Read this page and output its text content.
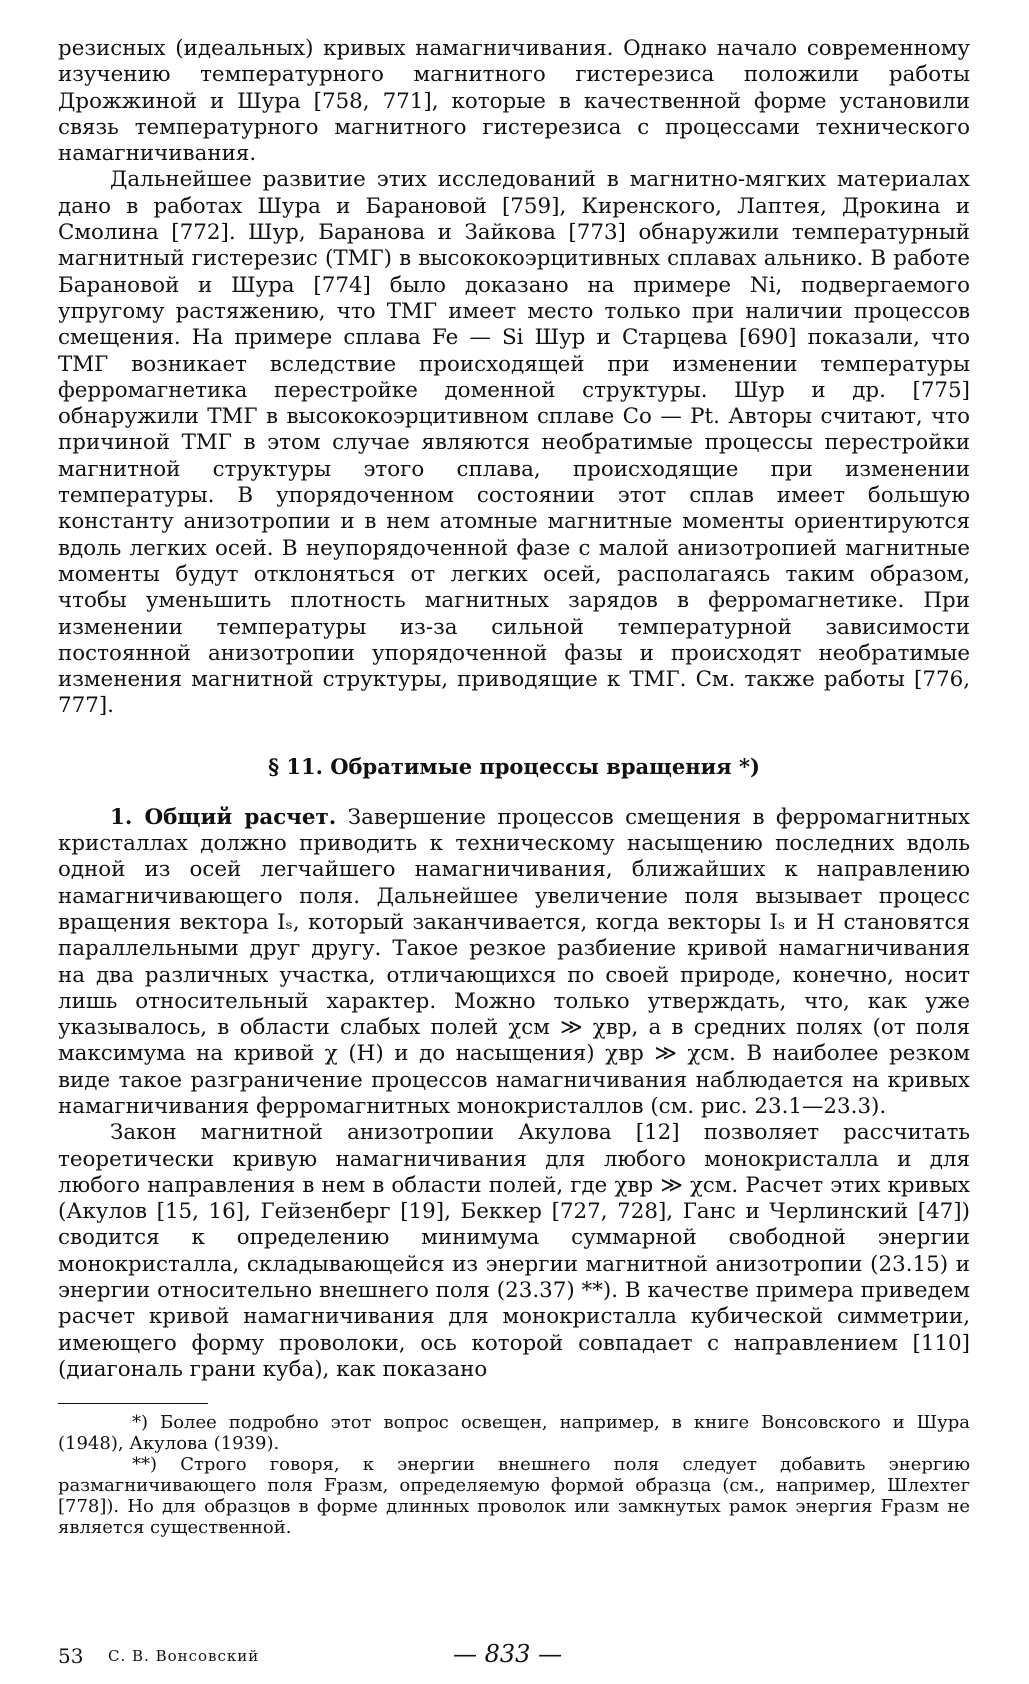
резисных (идеальных) кривых намагничивания. Однако начало современному изучению температурного магнитного гистерезиса положили работы Дрожжиной и Шура [758, 771], которые в качественной форме установили связь температурного магнитного гистерезиса с процессами технического намагничивания.

Дальнейшее развитие этих исследований в магнитно-мягких материалах дано в работах Шура и Барановой [759], Киренского, Лаптея, Дрокина и Смолина [772]. Шур, Баранова и Зайкова [773] обнаружили температурный магнитный гистерезис (ТМГ) в высококоэрцитивных сплавах альнико. В работе Барановой и Шура [774] было доказано на примере Ni, подвергаемого упругому растяжению, что ТМГ имеет место только при наличии процессов смещения. На примере сплава Fe — Si Шур и Старцева [690] показали, что ТМГ возникает вследствие происходящей при изменении температуры ферромагнетика перестройке доменной структуры. Шур и др. [775] обнаружили ТМГ в высококоэрцитивном сплаве Co — Pt. Авторы считают, что причиной ТМГ в этом случае являются необратимые процессы перестройки магнитной структуры этого сплава, происходящие при изменении температуры. В упорядоченном состоянии этот сплав имеет большую константу анизотропии и в нем атомные магнитные моменты ориентируются вдоль легких осей. В неупорядоченной фазе с малой анизотропией магнитные моменты будут отклоняться от легких осей, располагаясь таким образом, чтобы уменьшить плотность магнитных зарядов в ферромагнетике. При изменении температуры из-за сильной температурной зависимости постоянной анизотропии упорядоченной фазы и происходят необратимые изменения магнитной структуры, приводящие к ТМГ. См. также работы [776, 777].

§ 11. Обратимые процессы вращения *)

1. Общий расчет. Завершение процессов смещения в ферромагнитных кристаллах должно приводить к техническому насыщению последних вдоль одной из осей легчайшего намагничивания, ближайших к направлению намагничивающего поля. Дальнейшее увеличение поля вызывает процесс вращения вектора Iₛ, который заканчивается, когда векторы Iₛ и H становятся параллельными друг другу. Такое резкое разбиение кривой намагничивания на два различных участка, отличающихся по своей природе, конечно, носит лишь относительный характер. Можно только утверждать, что, как уже указывалось, в области слабых полей χсм ≫ χвр, а в средних полях (от поля максимума на кривой χ (H) и до насыщения) χвр ≫ χсм. В наиболее резком виде такое разграничение процессов намагничивания наблюдается на кривых намагничивания ферромагнитных монокристаллов (см. рис. 23.1—23.3).

Закон магнитной анизотропии Акулова [12] позволяет рассчитать теоретически кривую намагничивания для любого монокристалла и для любого направления в нем в области полей, где χвр ≫ χсм. Расчет этих кривых (Акулов [15, 16], Гейзенберг [19], Беккер [727, 728], Ганс и Черлинский [47]) сводится к определению минимума суммарной свободной энергии монокристалла, складывающейся из энергии магнитной анизотропии (23.15) и энергии относительно внешнего поля (23.37) **). В качестве примера приведем расчет кривой намагничивания для монокристалла кубической симметрии, имеющего форму проволоки, ось которой совпадает с направлением [110] (диагональ грани куба), как показано

*) Более подробно этот вопрос освещен, например, в книге Вонсовского и Шура (1948), Акулова (1939).

**) Строго говоря, к энергии внешнего поля следует добавить энергию размагничивающего поля Fразм, определяемую формой образца (см., например, Шлехтег [778]). Но для образцов в форме длинных проволок или замкнутых рамок энергия Fразм не является существенной.

53 С. В. Вонсовский	— 833 —
